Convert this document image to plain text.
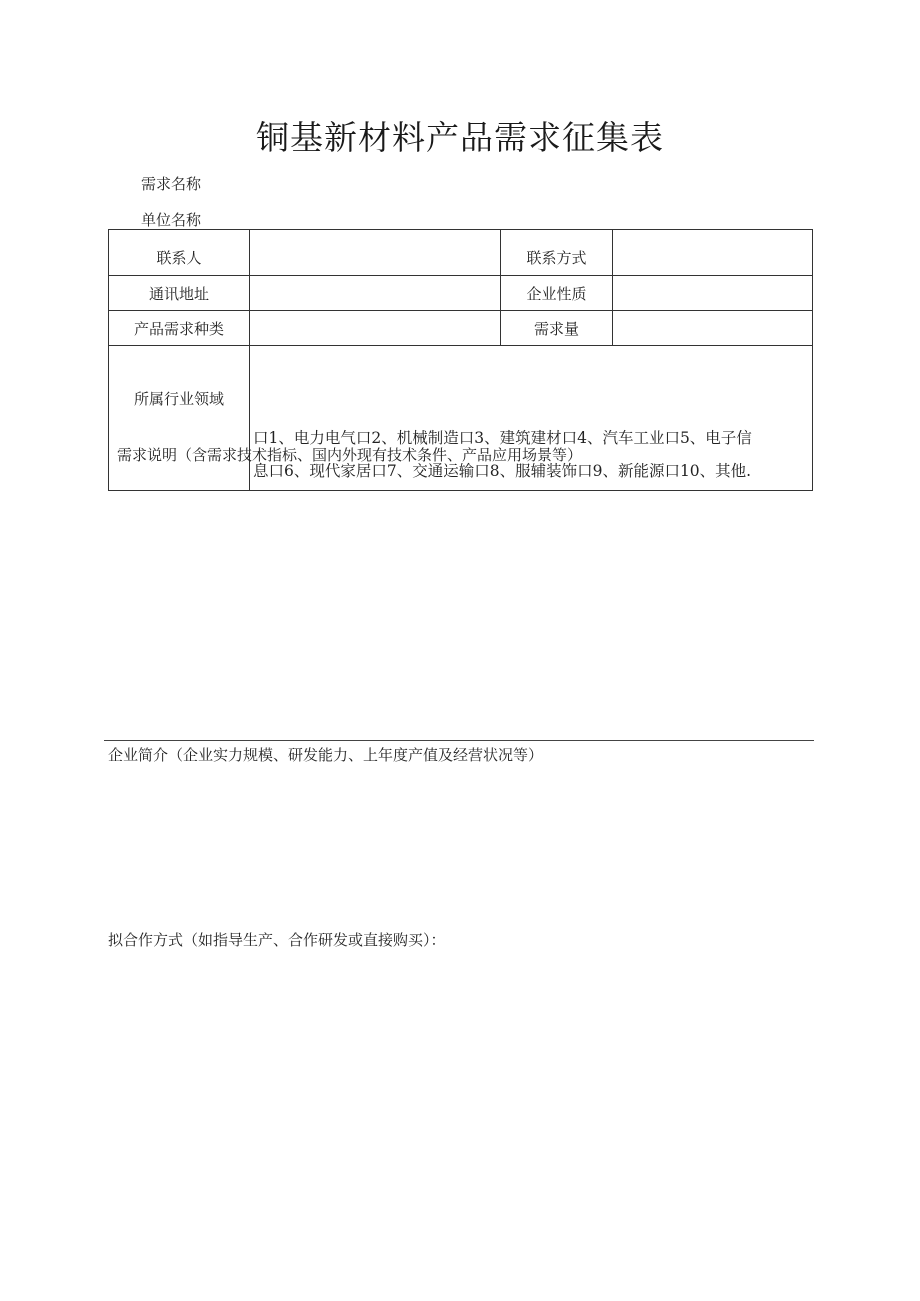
铜基新材料产品需求征集表
需求名称
单位名称
联系人		联系方式	
通讯地址		企业性质	
产品需求种类		需求量	
所属行业领域	口1、电力电气口2、机械制造口3、建筑建材口4、汽车工业口5、电子信
息口6、现代家居口7、交通运输口8、服辅装饰口9、新能源口10、其他.		
需求说明（含需求技术指标、国内外现有技术条件、产品应用场景等）
企业简介（企业实力规模、研发能力、上年度产值及经营状况等）
拟合作方式（如指导生产、合作研发或直接购买）：
